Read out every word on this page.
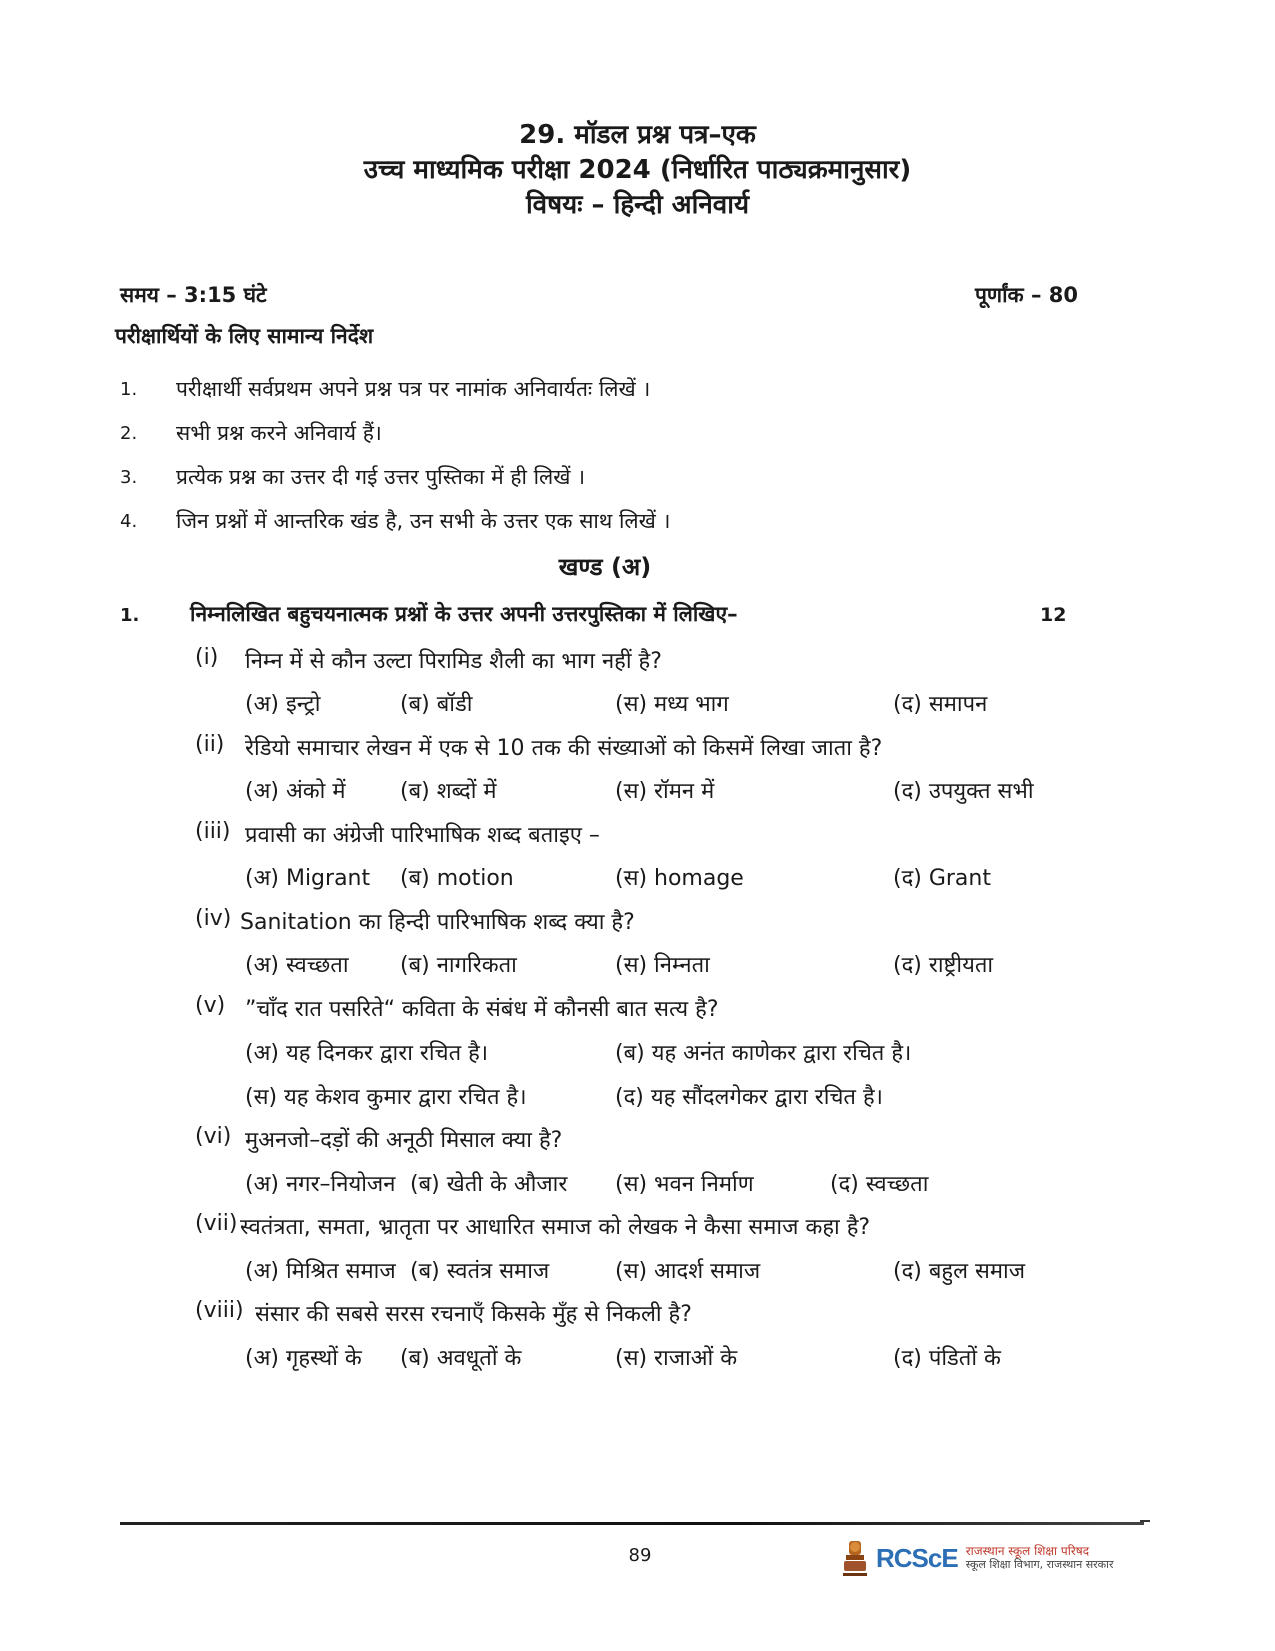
29. मॉडल प्रश्न पत्र–एक
उच्च माध्यमिक परीक्षा 2024 (निर्धारित पाठ्यक्रमानुसार)
विषयः – हिन्दी अनिवार्य
समय – 3:15 घंटे	पूर्णांक – 80
परीक्षार्थियों के लिए सामान्य निर्देश
1. परीक्षार्थी सर्वप्रथम अपने प्रश्न पत्र पर नामांक अनिवार्यतः लिखें ।
2. सभी प्रश्न करने अनिवार्य हैं।
3. प्रत्येक प्रश्न का उत्तर दी गई उत्तर पुस्तिका में ही लिखें ।
4. जिन प्रश्नों में आन्तरिक खंड है, उन सभी के उत्तर एक साथ लिखें ।
खण्ड (अ)
1. निम्नलिखित बहुचयनात्मक प्रश्नों के उत्तर अपनी उत्तरपुस्तिका में लिखिए–	12
(i) निम्न में से कौन उल्टा पिरामिड शैली का भाग नहीं है?
(अ) इन्ट्रो	(ब) बॉडी	(स) मध्य भाग	(द) समापन
(ii) रेडियो समाचार लेखन में एक से 10 तक की संख्याओं को किसमें लिखा जाता है?
(अ) अंको में (ब) शब्दों में	(स) रॉमन में	(द) उपयुक्त सभी
(iii) प्रवासी का अंग्रेजी पारिभाषिक शब्द बताइए –
(अ) Migrant (ब) motion	(स) homage	(द) Grant
(iv) Sanitation का हिन्दी पारिभाषिक शब्द क्या है?
(अ) स्वच्छता (ब) नागरिकता	(स) निम्नता	(द) राष्ट्रीयता
(v) ”चाँद रात पसरिते“ कविता के संबंध में कौनसी बात सत्य है?
(अ) यह दिनकर द्वारा रचित है।	(ब) यह अनंत काणेकर द्वारा रचित है।
(स) यह केशव कुमार द्वारा रचित है।	(द) यह सौंदलगेकर द्वारा रचित है।
(vi) मुअनजो–दड़ों की अनूठी मिसाल क्या है?
(अ) नगर–नियोजन (ब) खेती के औजार (स) भवन निर्माण	(द) स्वच्छता
(vii) स्वतंत्रता, समता, भ्रातृता पर आधारित समाज को लेखक ने कैसा समाज कहा है?
(अ) मिश्रित समाज (ब) स्वतंत्र समाज	(स) आदर्श समाज	(द) बहुल समाज
(viii) संसार की सबसे सरस रचनाएँ किसके मुँह से निकली है?
(अ) गृहस्थों के (ब) अवधूतों के	(स) राजाओं के	(द) पंडितों के
89	RCScE राजस्थान स्कूल शिक्षा परिषद
स्कूल शिक्षा विभाग, राजस्थान सरकार
